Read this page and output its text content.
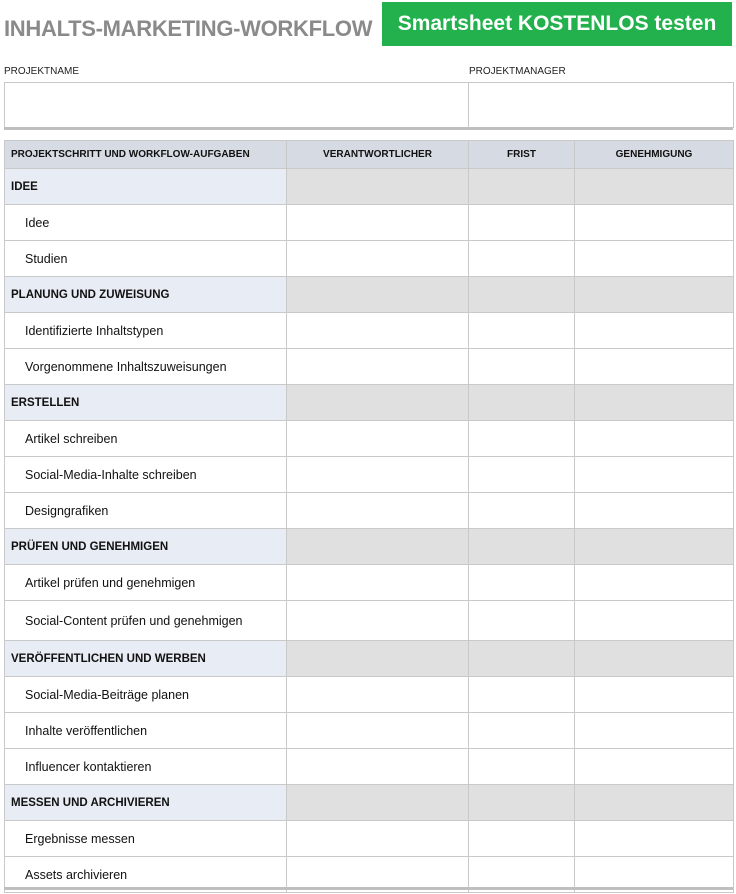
INHALTS-MARKETING-WORKFLOW	Smartsheet KOSTENLOS testen
PROJEKTNAME	PROJEKTMANAGER
PROJEKTSCHRITT UND WORKFLOW-AUFGABEN	VERANTWORTLICHER	FRIST	GENEHMIGUNG
IDEE			
Idee			
Studien			
PLANUNG UND ZUWEISUNG			
Identifizierte Inhaltstypen			
Vorgenommene Inhaltszuweisungen			
ERSTELLEN			
Artikel schreiben			
Social-Media-Inhalte schreiben			
Designgrafiken			
PRÜFEN UND GENEHMIGEN			
Artikel prüfen und genehmigen			
Social-Content prüfen und genehmigen			
VERÖFFENTLICHEN UND WERBEN			
Social-Media-Beiträge planen			
Inhalte veröffentlichen			
Influencer kontaktieren			
MESSEN UND ARCHIVIEREN			
Ergebnisse messen			
Assets archivieren			
